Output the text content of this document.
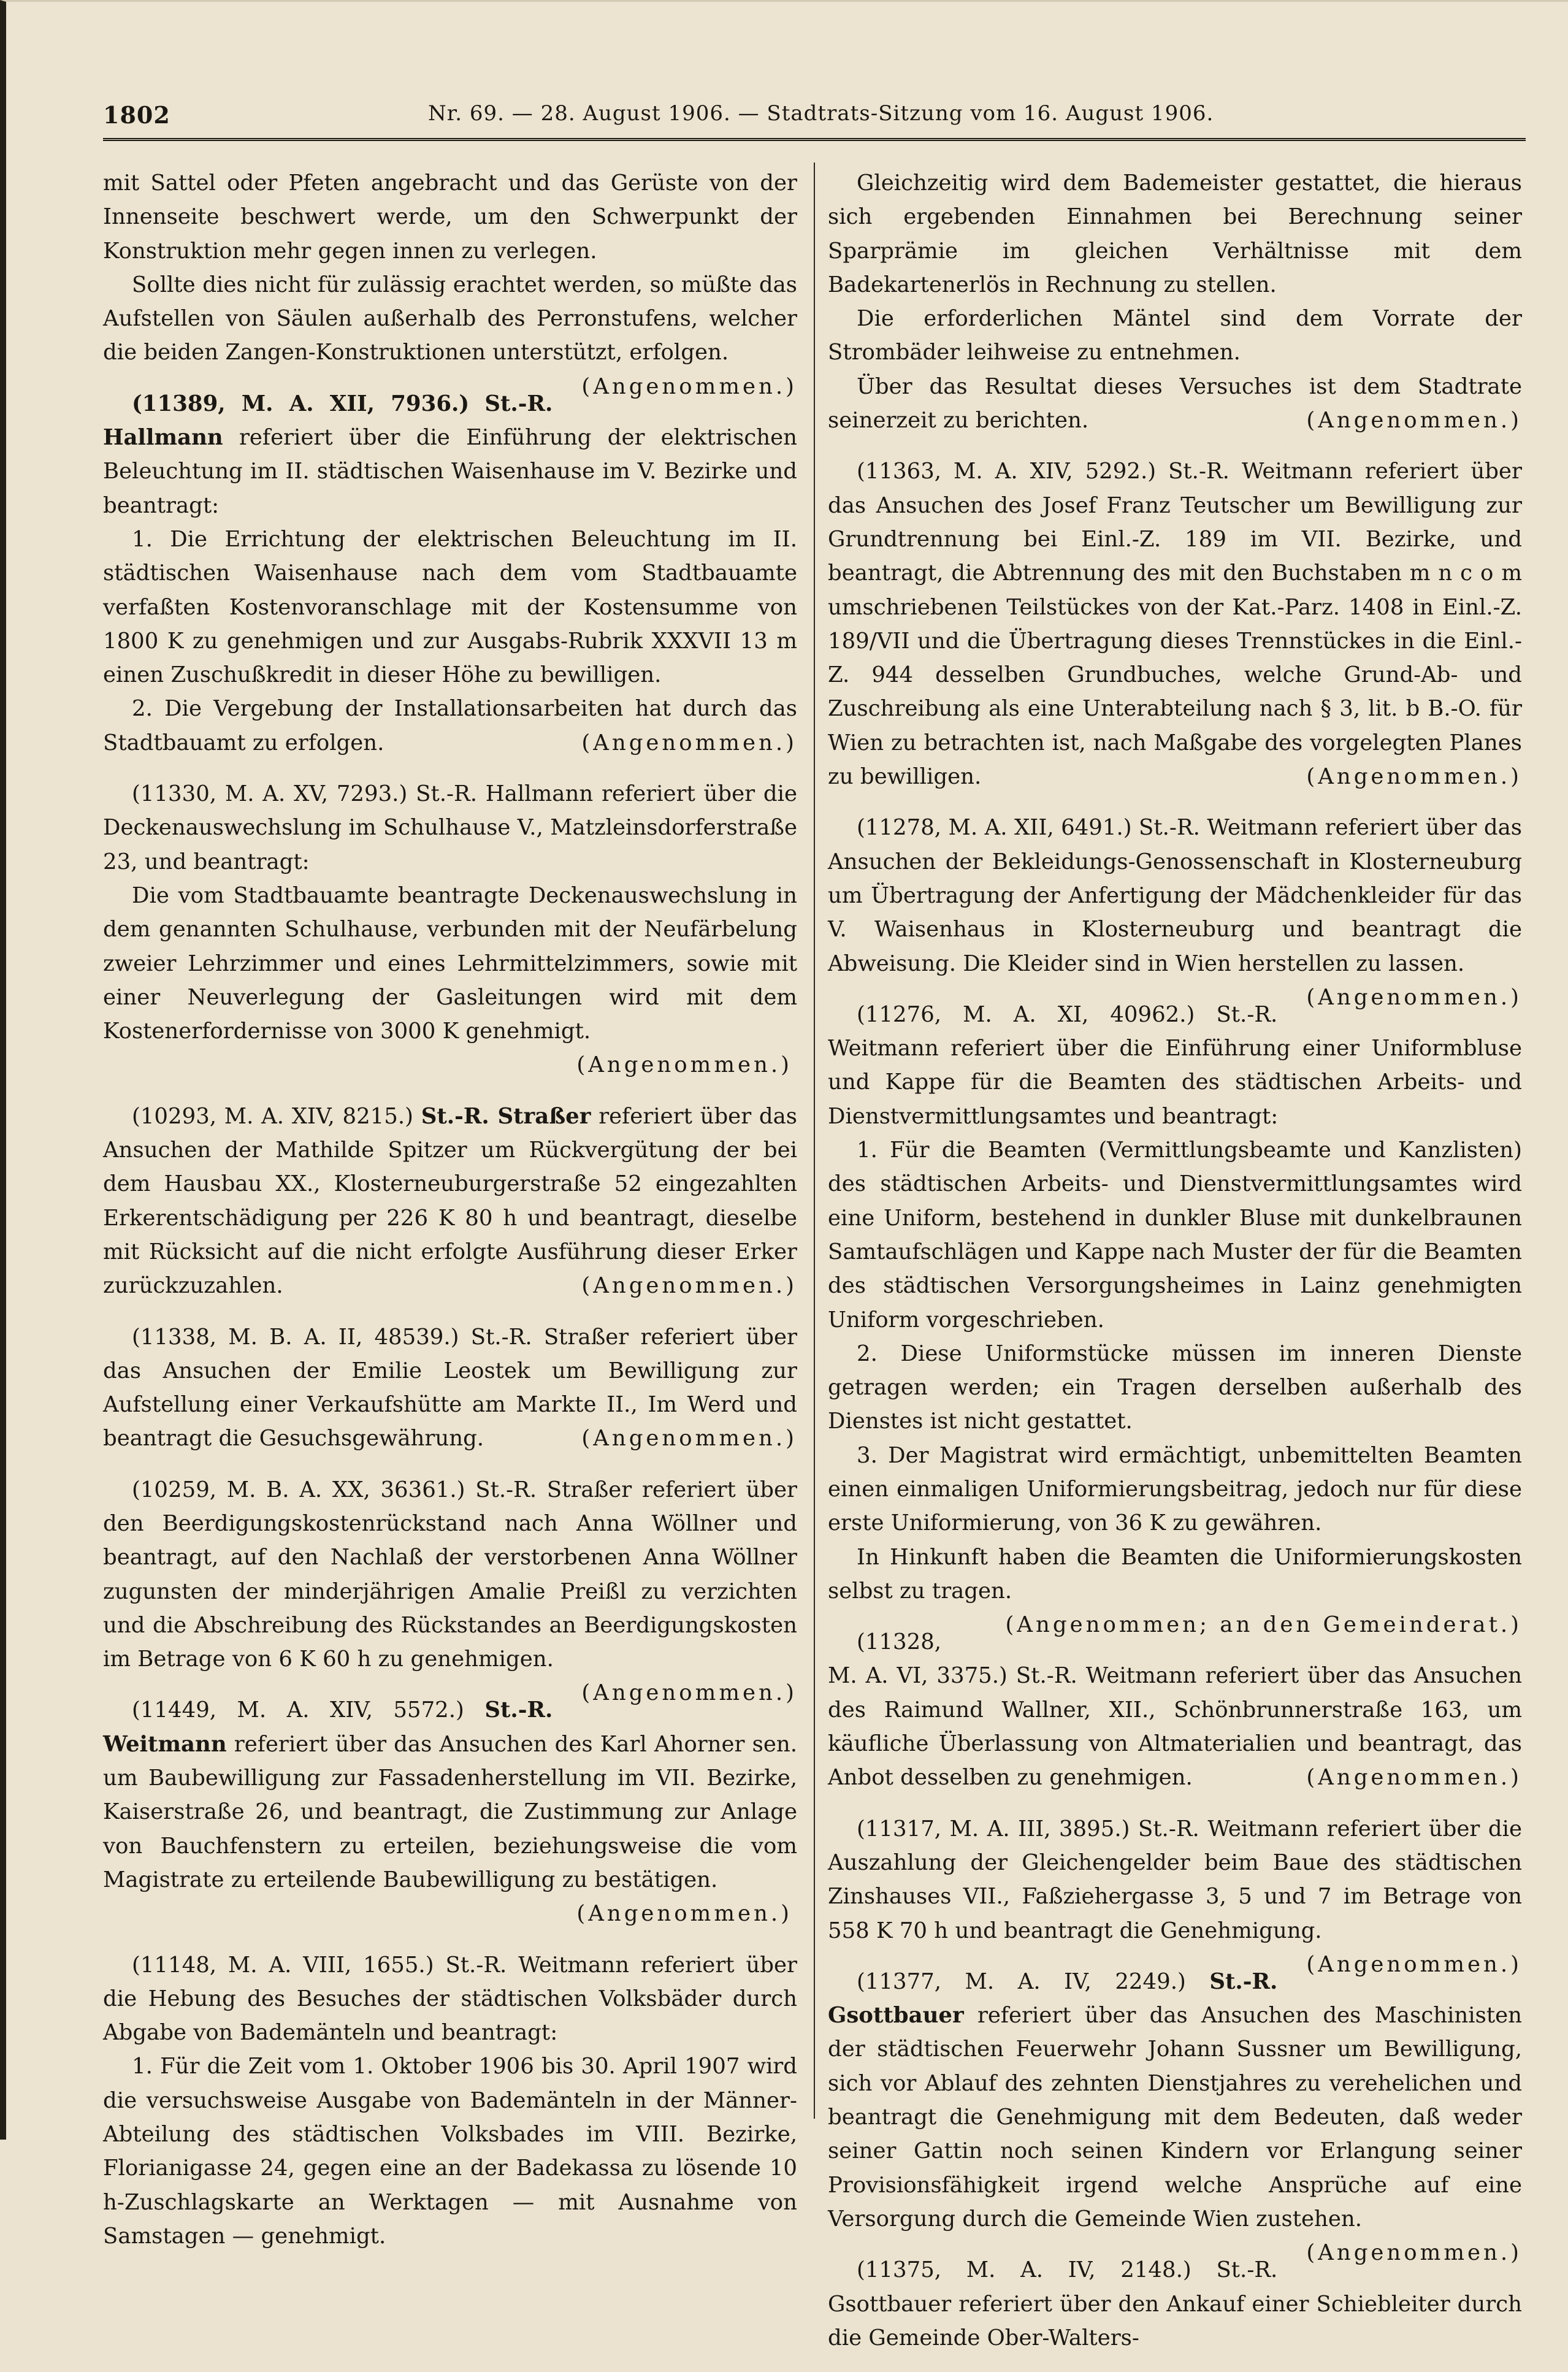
1802	Nr. 69. — 28. August 1906. — Stadtrats-Sitzung vom 16. August 1906.

mit Sattel oder Pfeten angebracht und das Gerüste von der Innenseite beschwert werde, um den Schwerpunkt der Konstruktion mehr gegen innen zu verlegen.

Sollte dies nicht für zulässig erachtet werden, so müßte das Aufstellen von Säulen außerhalb des Perronstufens, welcher die beiden Zangen-Konstruktionen unterstützt, erfolgen.
(Angenommen.)

(11389, M. A. XII, 7936.) St.-R. Hallmann referiert über die Einführung der elektrischen Beleuchtung im II. städtischen Waisenhause im V. Bezirke und beantragt:

1. Die Errichtung der elektrischen Beleuchtung im II. städtischen Waisenhause nach dem vom Stadtbauamte verfaßten Kostenvoranschlage mit der Kostensumme von 1800 K zu genehmigen und zur Ausgabs-Rubrik XXXVII 13 m einen Zuschußkredit in dieser Höhe zu bewilligen.

2. Die Vergebung der Installationsarbeiten hat durch das Stadtbauamt zu erfolgen.	(Angenommen.)

(11330, M. A. XV, 7293.) St.-R. Hallmann referiert über die Deckenauswechslung im Schulhause V., Matzleinsdorferstraße 23, und beantragt:

Die vom Stadtbauamte beantragte Deckenauswechslung in dem genannten Schulhause, verbunden mit der Neufärbelung zweier Lehrzimmer und eines Lehrmittelzimmers, sowie mit einer Neuverlegung der Gasleitungen wird mit dem Kostenerfordernisse von 3000 K genehmigt.

(Angenommen.)

(10293, M. A. XIV, 8215.) St.-R. Straßer referiert über das Ansuchen der Mathilde Spitzer um Rückvergütung der bei dem Hausbau XX., Klosterneuburgerstraße 52 eingezahlten Erkerentschädigung per 226 K 80 h und beantragt, dieselbe mit Rücksicht auf die nicht erfolgte Ausführung dieser Erker zurückzuzahlen.	(Angenommen.)

(11338, M. B. A. II, 48539.) St.-R. Straßer referiert über das Ansuchen der Emilie Leostek um Bewilligung zur Aufstellung einer Verkaufshütte am Markte II., Im Werd und beantragt die Gesuchsgewährung.	(Angenommen.)

(10259, M. B. A. XX, 36361.) St.-R. Straßer referiert über den Beerdigungskostenrückstand nach Anna Wöllner und beantragt, auf den Nachlaß der verstorbenen Anna Wöllner zugunsten der minderjährigen Amalie Preißl zu verzichten und die Abschreibung des Rückstandes an Beerdigungskosten im Betrage von 6 K 60 h zu genehmigen.
(Angenommen.)

(11449, M. A. XIV, 5572.) St.-R. Weitmann referiert über das Ansuchen des Karl Ahorner sen. um Baubewilligung zur Fassadenherstellung im VII. Bezirke, Kaiserstraße 26, und beantragt, die Zustimmung zur Anlage von Bauchfenstern zu erteilen, beziehungsweise die vom Magistrate zu erteilende Baubewilligung zu bestätigen.

(Angenommen.)

(11148, M. A. VIII, 1655.) St.-R. Weitmann referiert über die Hebung des Besuches der städtischen Volksbäder durch Abgabe von Bademänteln und beantragt:

1. Für die Zeit vom 1. Oktober 1906 bis 30. April 1907 wird die versuchsweise Ausgabe von Bademänteln in der Männer-Abteilung des städtischen Volksbades im VIII. Bezirke, Florianigasse 24, gegen eine an der Badekassa zu lösende 10 h-Zuschlagskarte an Werktagen — mit Ausnahme von Samstagen — genehmigt.

Gleichzeitig wird dem Bademeister gestattet, die hieraus sich ergebenden Einnahmen bei Berechnung seiner Sparprämie im gleichen Verhältnisse mit dem Badekartenerlös in Rechnung zu stellen.

Die erforderlichen Mäntel sind dem Vorrate der Strombäder leihweise zu entnehmen.

Über das Resultat dieses Versuches ist dem Stadtrate seinerzeit zu berichten.	(Angenommen.)

(11363, M. A. XIV, 5292.) St.-R. Weitmann referiert über das Ansuchen des Josef Franz Teutscher um Bewilligung zur Grundtrennung bei Einl.-Z. 189 im VII. Bezirke, und beantragt, die Abtrennung des mit den Buchstaben m n c o m umschriebenen Teilstückes von der Kat.-Parz. 1408 in Einl.-Z. 189/VII und die Übertragung dieses Trennstückes in die Einl.-Z. 944 desselben Grundbuches, welche Grund-Ab- und Zuschreibung als eine Unterabteilung nach § 3, lit. b B.-O. für Wien zu betrachten ist, nach Maßgabe des vorgelegten Planes zu bewilligen.	(Angenommen.)

(11278, M. A. XII, 6491.) St.-R. Weitmann referiert über das Ansuchen der Bekleidungs-Genossenschaft in Klosterneuburg um Übertragung der Anfertigung der Mädchenkleider für das V. Waisenhaus in Klosterneuburg und beantragt die Abweisung. Die Kleider sind in Wien herstellen zu lassen.
(Angenommen.)

(11276, M. A. XI, 40962.) St.-R. Weitmann referiert über die Einführung einer Uniformbluse und Kappe für die Beamten des städtischen Arbeits- und Dienstvermittlungsamtes und beantragt:

1. Für die Beamten (Vermittlungsbeamte und Kanzlisten) des städtischen Arbeits- und Dienstvermittlungsamtes wird eine Uniform, bestehend in dunkler Bluse mit dunkelbraunen Samtaufschlägen und Kappe nach Muster der für die Beamten des städtischen Versorgungsheimes in Lainz genehmigten Uniform vorgeschrieben.

2. Diese Uniformstücke müssen im inneren Dienste getragen werden; ein Tragen derselben außerhalb des Dienstes ist nicht gestattet.

3. Der Magistrat wird ermächtigt, unbemittelten Beamten einen einmaligen Uniformierungsbeitrag, jedoch nur für diese erste Uniformierung, von 36 K zu gewähren.

In Hinkunft haben die Beamten die Uniformierungskosten selbst zu tragen.
(Angenommen; an den Gemeinderat.)

(11328, M. A. VI, 3375.) St.-R. Weitmann referiert über das Ansuchen des Raimund Wallner, XII., Schönbrunnerstraße 163, um käufliche Überlassung von Altmaterialien und beantragt, das Anbot desselben zu genehmigen.	(Angenommen.)

(11317, M. A. III, 3895.) St.-R. Weitmann referiert über die Auszahlung der Gleichengelder beim Baue des städtischen Zinshauses VII., Faßziehergasse 3, 5 und 7 im Betrage von 558 K 70 h und beantragt die Genehmigung.
(Angenommen.)

(11377, M. A. IV, 2249.) St.-R. Gsottbauer referiert über das Ansuchen des Maschinisten der städtischen Feuerwehr Johann Sussner um Bewilligung, sich vor Ablauf des zehnten Dienstjahres zu verehelichen und beantragt die Genehmigung mit dem Bedeuten, daß weder seiner Gattin noch seinen Kindern vor Erlangung seiner Provisionsfähigkeit irgend welche Ansprüche auf eine Versorgung durch die Gemeinde Wien zustehen.
(Angenommen.)

(11375, M. A. IV, 2148.) St.-R. Gsottbauer referiert über den Ankauf einer Schiebleiter durch die Gemeinde Ober-Walters-
